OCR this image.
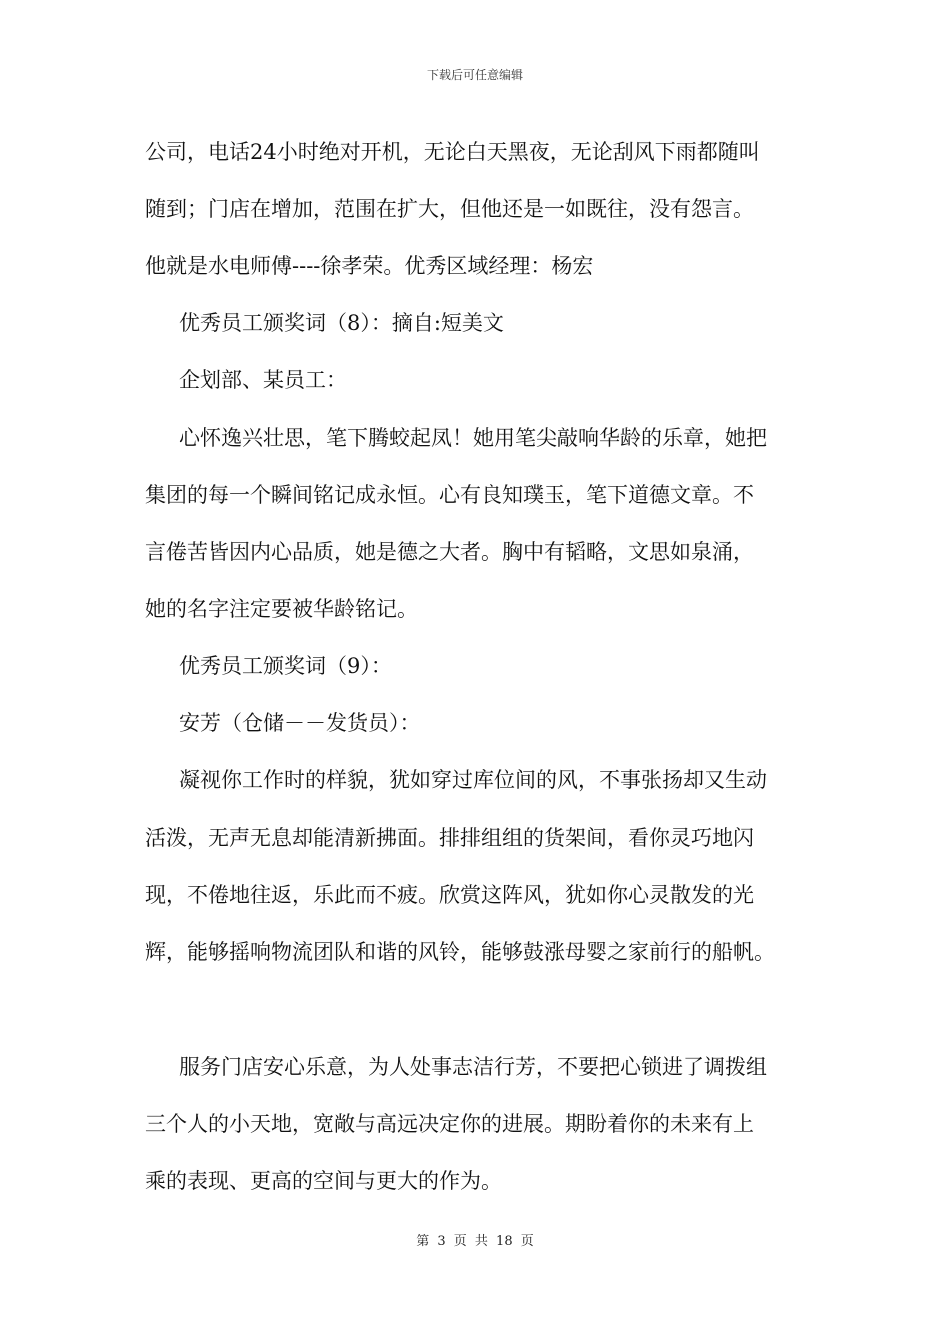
下载后可任意编辑
公司，电话24小时绝对开机，无论白天黑夜，无论刮风下雨都随叫
随到；门店在增加，范围在扩大，但他还是一如既往，没有怨言。
他就是水电师傅----徐孝荣。优秀区域经理：杨宏
优秀员工颁奖词（8）：摘自:短美文
企划部、某员工：
心怀逸兴壮思，笔下腾蛟起凤！她用笔尖敲响华龄的乐章，她把
集团的每一个瞬间铭记成永恒。心有良知璞玉，笔下道德文章。不
言倦苦皆因内心品质，她是德之大者。胸中有韬略，文思如泉涌，
她的名字注定要被华龄铭记。
优秀员工颁奖词（9）：
安芳（仓储－－发货员）：
凝视你工作时的样貌，犹如穿过库位间的风，不事张扬却又生动
活泼，无声无息却能清新拂面。排排组组的货架间，看你灵巧地闪
现，不倦地往返，乐此而不疲。欣赏这阵风，犹如你心灵散发的光
辉，能够摇响物流团队和谐的风铃，能够鼓涨母婴之家前行的船帆。
服务门店安心乐意，为人处事志洁行芳，不要把心锁进了调拨组
三个人的小天地，宽敞与高远决定你的进展。期盼着你的未来有上
乘的表现、更高的空间与更大的作为。
第 3 页 共 18 页
